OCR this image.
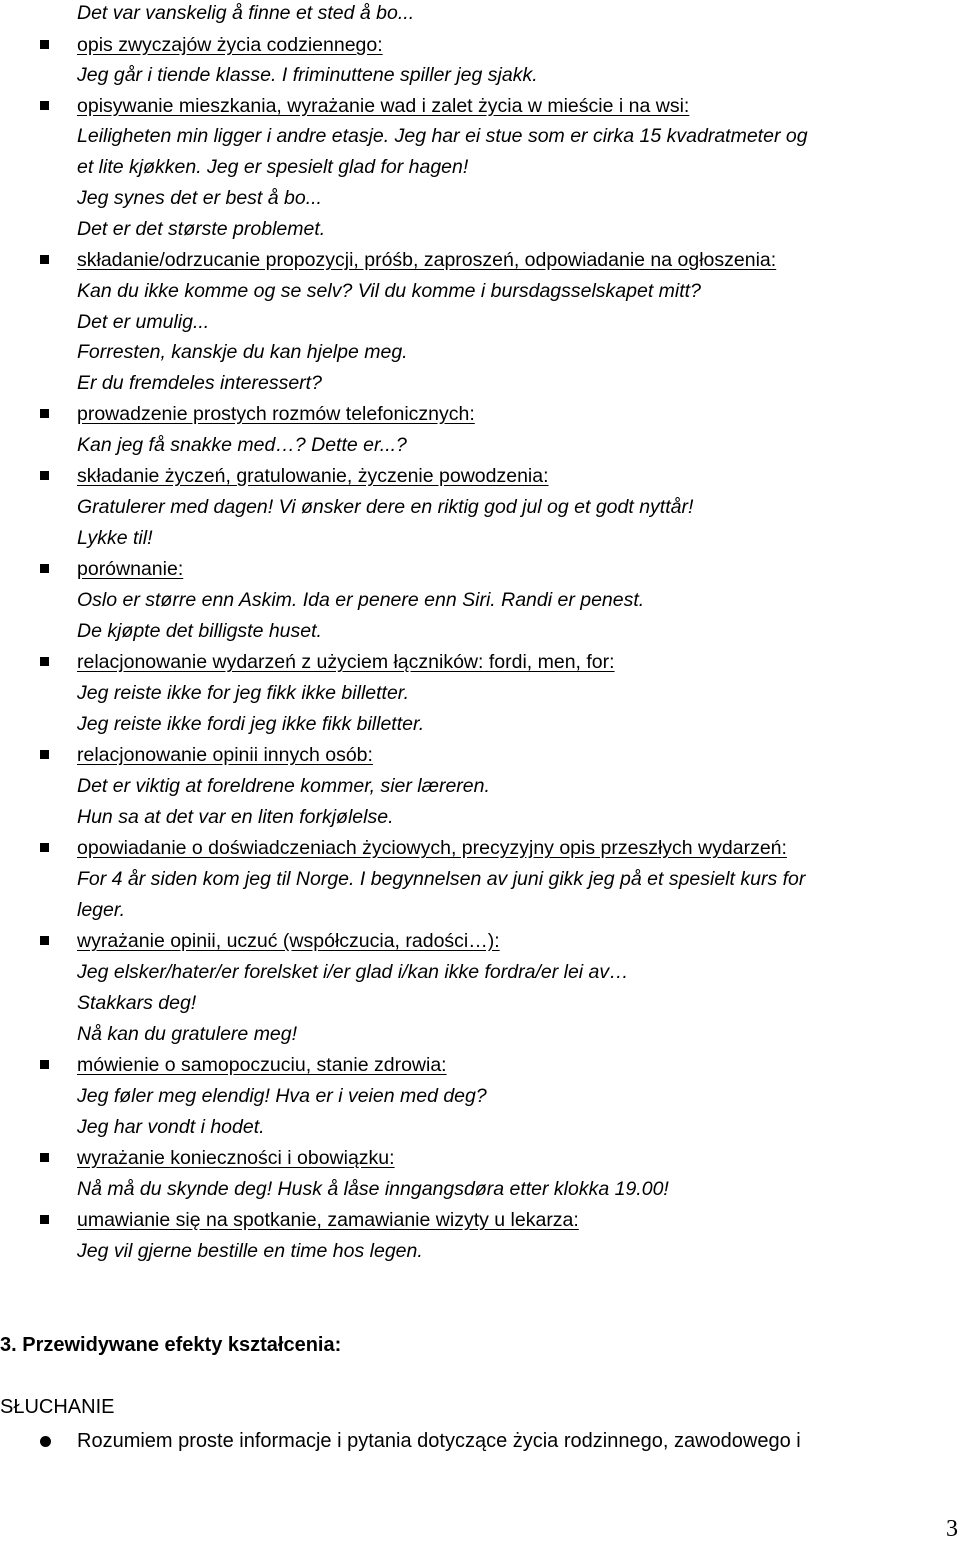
Det var vanskelig å finne et sted å bo...
opis zwyczajów życia codziennego:
Jeg går i tiende klasse. I friminuttene spiller jeg sjakk.
opisywanie mieszkania, wyrażanie wad i zalet życia w mieście i na wsi:
Leiligheten min ligger i andre etasje. Jeg har ei stue som er cirka 15 kvadratmeter og
et lite kjøkken. Jeg er spesielt glad for hagen!
Jeg synes det er best å bo...
Det er det største problemet.
składanie/odrzucanie propozycji, próśb, zaproszeń, odpowiadanie na ogłoszenia:
Kan du ikke komme og se selv? Vil du komme i bursdagsselskapet mitt?
Det er umulig...
Forresten, kanskje du kan hjelpe meg.
Er du fremdeles interessert?
prowadzenie prostych rozmów telefonicznych:
Kan jeg få snakke med…? Dette er...?
składanie życzeń, gratulowanie, życzenie powodzenia:
Gratulerer med dagen! Vi ønsker dere en riktig god jul og et godt nyttår!
Lykke til!
porównanie:
Oslo er større enn Askim. Ida er penere enn Siri. Randi er penest.
De kjøpte det billigste huset.
relacjonowanie wydarzeń z użyciem łączników: fordi, men, for:
Jeg reiste ikke for jeg fikk ikke billetter.
Jeg reiste ikke fordi jeg ikke fikk billetter.
relacjonowanie opinii innych osób:
Det er viktig at foreldrene kommer, sier læreren.
Hun sa at det var en liten forkjølelse.
opowiadanie o doświadczeniach życiowych, precyzyjny opis przeszłych wydarzeń:
For 4 år siden kom jeg til Norge. I begynnelsen av juni gikk jeg på et spesielt kurs for
leger.
wyrażanie opinii, uczuć (współczucia, radości…):
Jeg elsker/hater/er forelsket i/er glad i/kan ikke fordra/er lei av…
Stakkars deg!
Nå kan du gratulere meg!
mówienie o samopoczuciu, stanie zdrowia:
Jeg føler meg elendig! Hva er i veien med deg?
Jeg har vondt i hodet.
wyrażanie konieczności i obowiązku:
Nå må du skynde deg! Husk å låse inngangsdøra etter klokka 19.00!
umawianie się na spotkanie, zamawianie wizyty u lekarza:
Jeg vil gjerne bestille en time hos legen.
3. Przewidywane efekty kształcenia:
SŁUCHANIE
Rozumiem proste informacje i pytania dotyczące życia rodzinnego, zawodowego i
3
